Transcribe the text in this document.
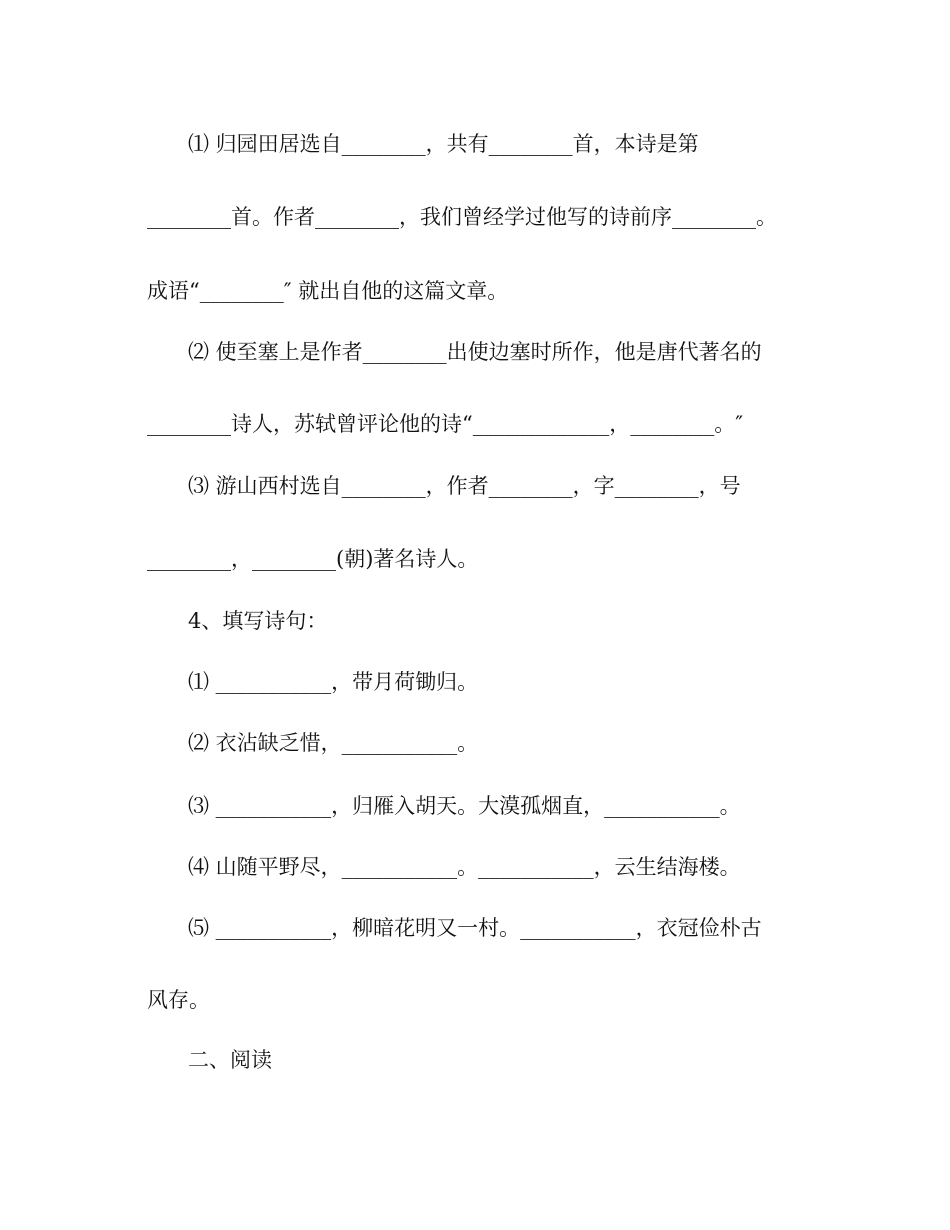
⑴ 归园田居选自________，共有________首，本诗是第
________首。作者________，我们曾经学过他写的诗前序________。
成语“________″ 就出自他的这篇文章。
⑵ 使至塞上是作者________出使边塞时所作，他是唐代著名的
________诗人，苏轼曾评论他的诗“_____________，________。″
⑶ 游山西村选自________，作者________，字________，号
________，________(朝)著名诗人。
4、填写诗句：
⑴ ___________，带月荷锄归。
⑵ 衣沾缺乏惜，___________。
⑶ ___________，归雁入胡天。大漠孤烟直，___________。
⑷ 山随平野尽，___________。___________，云生结海楼。
⑸ ___________，柳暗花明又一村。___________，衣冠俭朴古
风存。
二、阅读
